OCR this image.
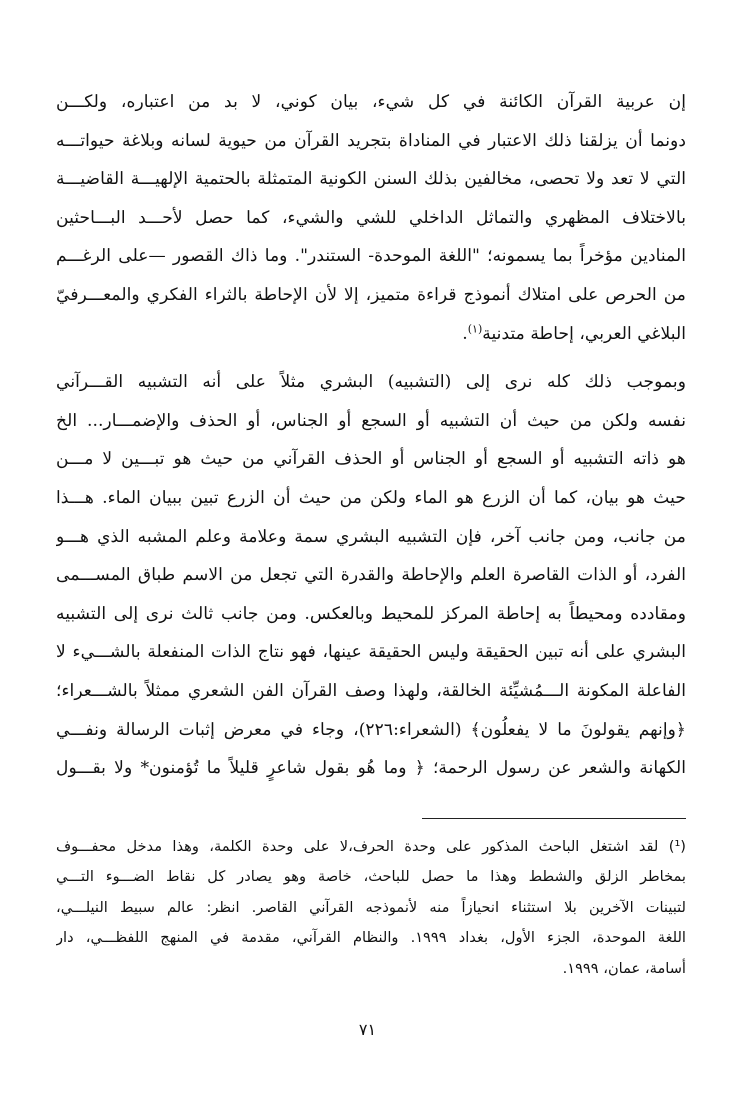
إن عربية القرآن الكائنة في كل شيء، بيان كوني، لا بد من اعتباره، ولكـــن
دونما أن يزلقنا ذلك الاعتبار في المناداة بتجريد القرآن من حيوية لسانه وبلاغة حيواتـــه
التي لا تعد ولا تحصى، مخالفين بذلك السنن الكونية المتمثلة بالحتمية الإلهيـــة القاضيـــة
بالاختلاف المظهري والتماثل الداخلي للشي والشيء، كما حصل لأحـــد البـــاحثين
المنادين مؤخراً بما يسمونه؛ "اللغة الموحدة- الستندر". وما ذاك القصور —على الرغـــم
من الحرص على امتلاك أنموذج قراءة متميز، إلا لأن الإحاطة بالثراء الفكري والمعـــرفيّ
البلاغي العربي، إحاطة متدنية$^{(١)}$.
وبموجب ذلك كله نرى إلى (التشبيه) البشري مثلاً على أنه التشبيه القـــرآني
نفسه ولكن من حيث أن التشبيه أو السجع أو الجناس، أو الحذف والإضمـــار... الخ
هو ذاته التشبيه أو السجع أو الجناس أو الحذف القرآني من حيث هو تبـــين لا مـــن
حيث هو بيان، كما أن الزرع هو الماء ولكن من حيث أن الزرع تبين ببيان الماء. هـــذا
من جانب، ومن جانب آخر، فإن التشبيه البشري سمة وعلامة وعلم المشبه الذي هـــو
الفرد، أو الذات القاصرة العلم والإحاطة والقدرة التي تجعل من الاسم طباق المســـمى
ومقادده ومحيطاً به إحاطة المركز للمحيط وبالعكس. ومن جانب ثالث نرى إلى التشبيه
البشري على أنه تبين الحقيقة وليس الحقيقة عينها، فهو نتاج الذات المنفعلة بالشـــيء لا
الفاعلة المكونة الـــمُشيِّئة الخالقة، ولهذا وصف القرآن الفن الشعري ممثلاً بالشـــعراء؛
﴿وإنهم يقولونَ ما لا يفعلُون﴾ (الشعراء:٢٢٦)، وجاء في معرض إثبات الرسالة ونفـــي
الكهانة والشعر عن رسول الرحمة؛ ﴿ وما هُو بقول شاعرٍ قليلاً ما تُؤمنون* ولا بقـــول
(¹) لقد اشتغل الباحث المذكور على وحدة الحرف،لا على وحدة الكلمة، وهذا مدخل محفـــوف
بمخاطر الزلق والشطط وهذا ما حصل للباحث، خاصة وهو يصادر كل نقاط الضـــوء التـــي
لتبينات الآخرين بلا استثناء انحيازاً منه لأنموذجه القرآني القاصر. انظر: عالم سبيط النيلـــي،
اللغة الموحدة، الجزء الأول، بغداد ١٩٩٩. والنظام القرآني، مقدمة في المنهج اللفظـــي، دار
أسامة، عمان، ١٩٩٩.
٧١
